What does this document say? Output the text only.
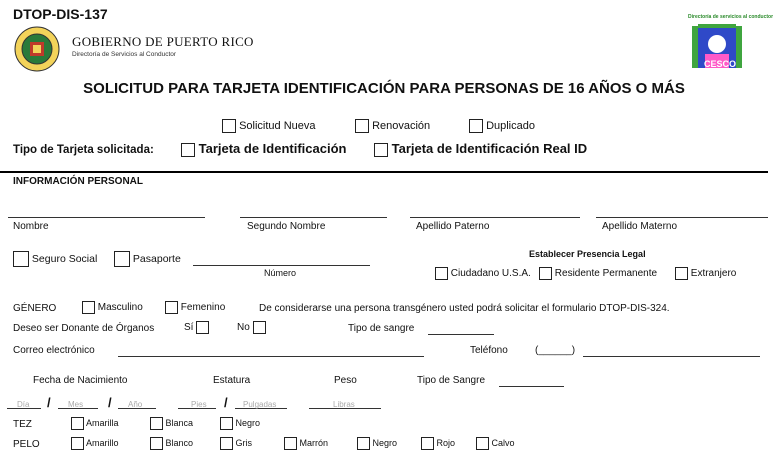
DTOP-DIS-137
GOBIERNO DE PUERTO RICO
Directoría de Servicios al Conductor
Directoría de servicios al conductor
CESCO
SOLICITUD PARA TARJETA IDENTIFICACIÓN PARA PERSONAS DE 16 AÑOS O MÁS
Solicitud Nueva	Renovación	Duplicado
Tipo de Tarjeta solicitada:	Tarjeta de Identificación	Tarjeta de Identificación Real ID
INFORMACIÓN PERSONAL
Nombre	Segundo Nombre	Apellido Paterno	Apellido Materno
Seguro Social	Pasaporte
Número
Establecer Presencia Legal
Ciudadano U.S.A.	Residente Permanente	Extranjero
GÉNERO	Masculino	Femenino	De considerarse una persona transgénero usted podrá solicitar el formulario DTOP-DIS-324.
Deseo ser Donante de Órganos	Sí	No	Tipo de sangre
Correo electrónico	Teléfono	(______)
Fecha de Nacimiento	Estatura	Peso	Tipo de Sangre
Día / Mes / Año	Pies / Pulgadas	Libras
TEZ	Amarilla	Blanca	Negro
PELO	Amarillo	Blanco	Gris	Marrón	Negro	Rojo	Calvo
